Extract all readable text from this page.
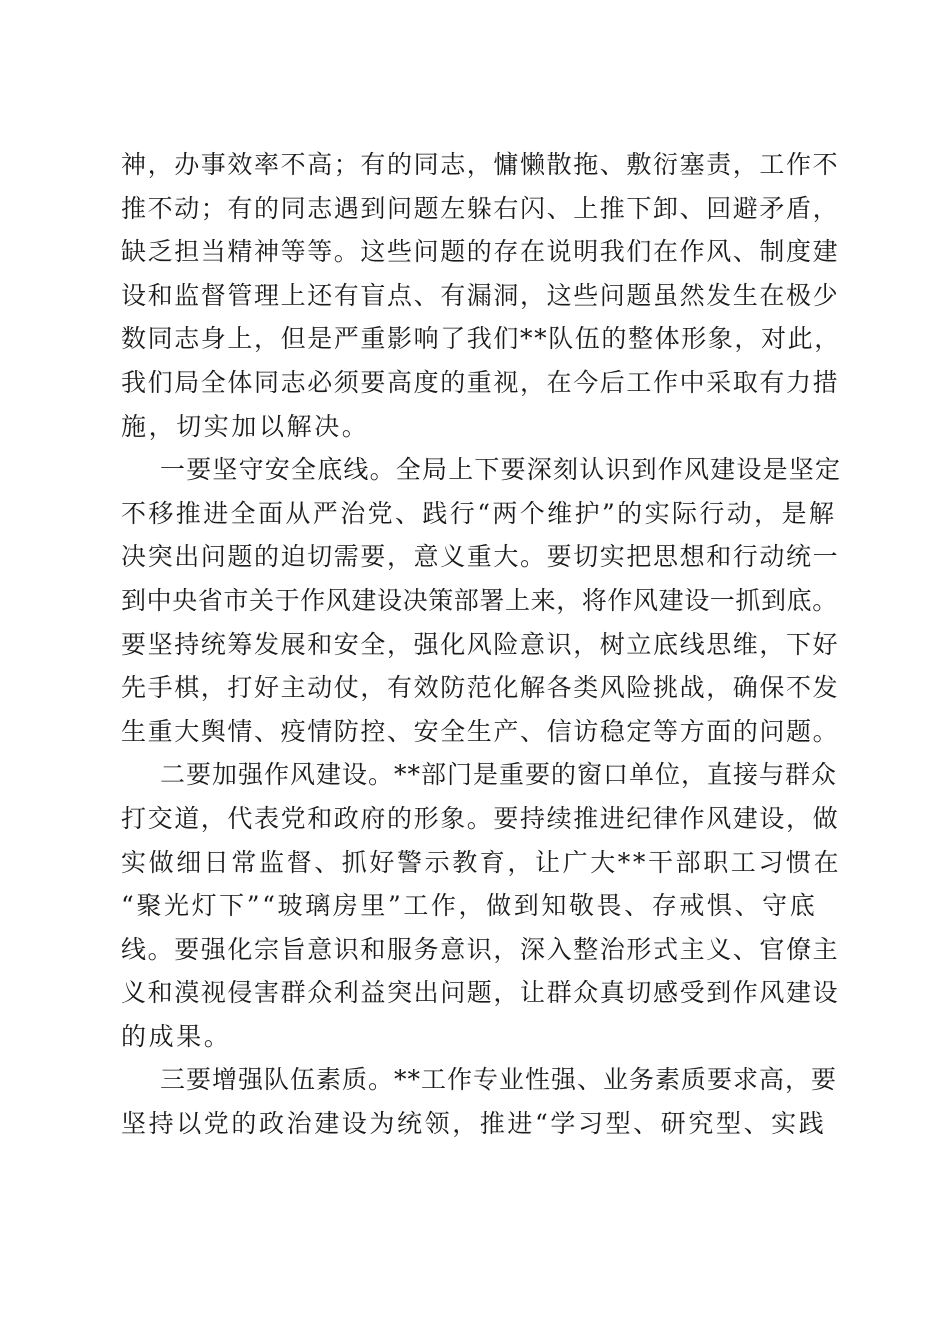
神，办事效率不高；有的同志，慵懒散拖、敷衍塞责，工作不
推不动；有的同志遇到问题左躲右闪、上推下卸、回避矛盾，
缺乏担当精神等等。这些问题的存在说明我们在作风、制度建
设和监督管理上还有盲点、有漏洞，这些问题虽然发生在极少
数同志身上，但是严重影响了我们**队伍的整体形象，对此，
我们局全体同志必须要高度的重视，在今后工作中采取有力措
施，切实加以解决。
一要坚守安全底线。全局上下要深刻认识到作风建设是坚定
不移推进全面从严治党、践行“两个维护”的实际行动，是解
决突出问题的迫切需要，意义重大。要切实把思想和行动统一
到中央省市关于作风建设决策部署上来，将作风建设一抓到底。
要坚持统筹发展和安全，强化风险意识，树立底线思维，下好
先手棋，打好主动仗，有效防范化解各类风险挑战，确保不发
生重大舆情、疫情防控、安全生产、信访稳定等方面的问题。
二要加强作风建设。**部门是重要的窗口单位，直接与群众
打交道，代表党和政府的形象。要持续推进纪律作风建设，做
实做细日常监督、抓好警示教育，让广大**干部职工习惯在
“聚光灯下”“玻璃房里”工作，做到知敬畏、存戒惧、守底
线。要强化宗旨意识和服务意识，深入整治形式主义、官僚主
义和漠视侵害群众利益突出问题，让群众真切感受到作风建设
的成果。
三要增强队伍素质。**工作专业性强、业务素质要求高，要
坚持以党的政治建设为统领，推进“学习型、研究型、实践
